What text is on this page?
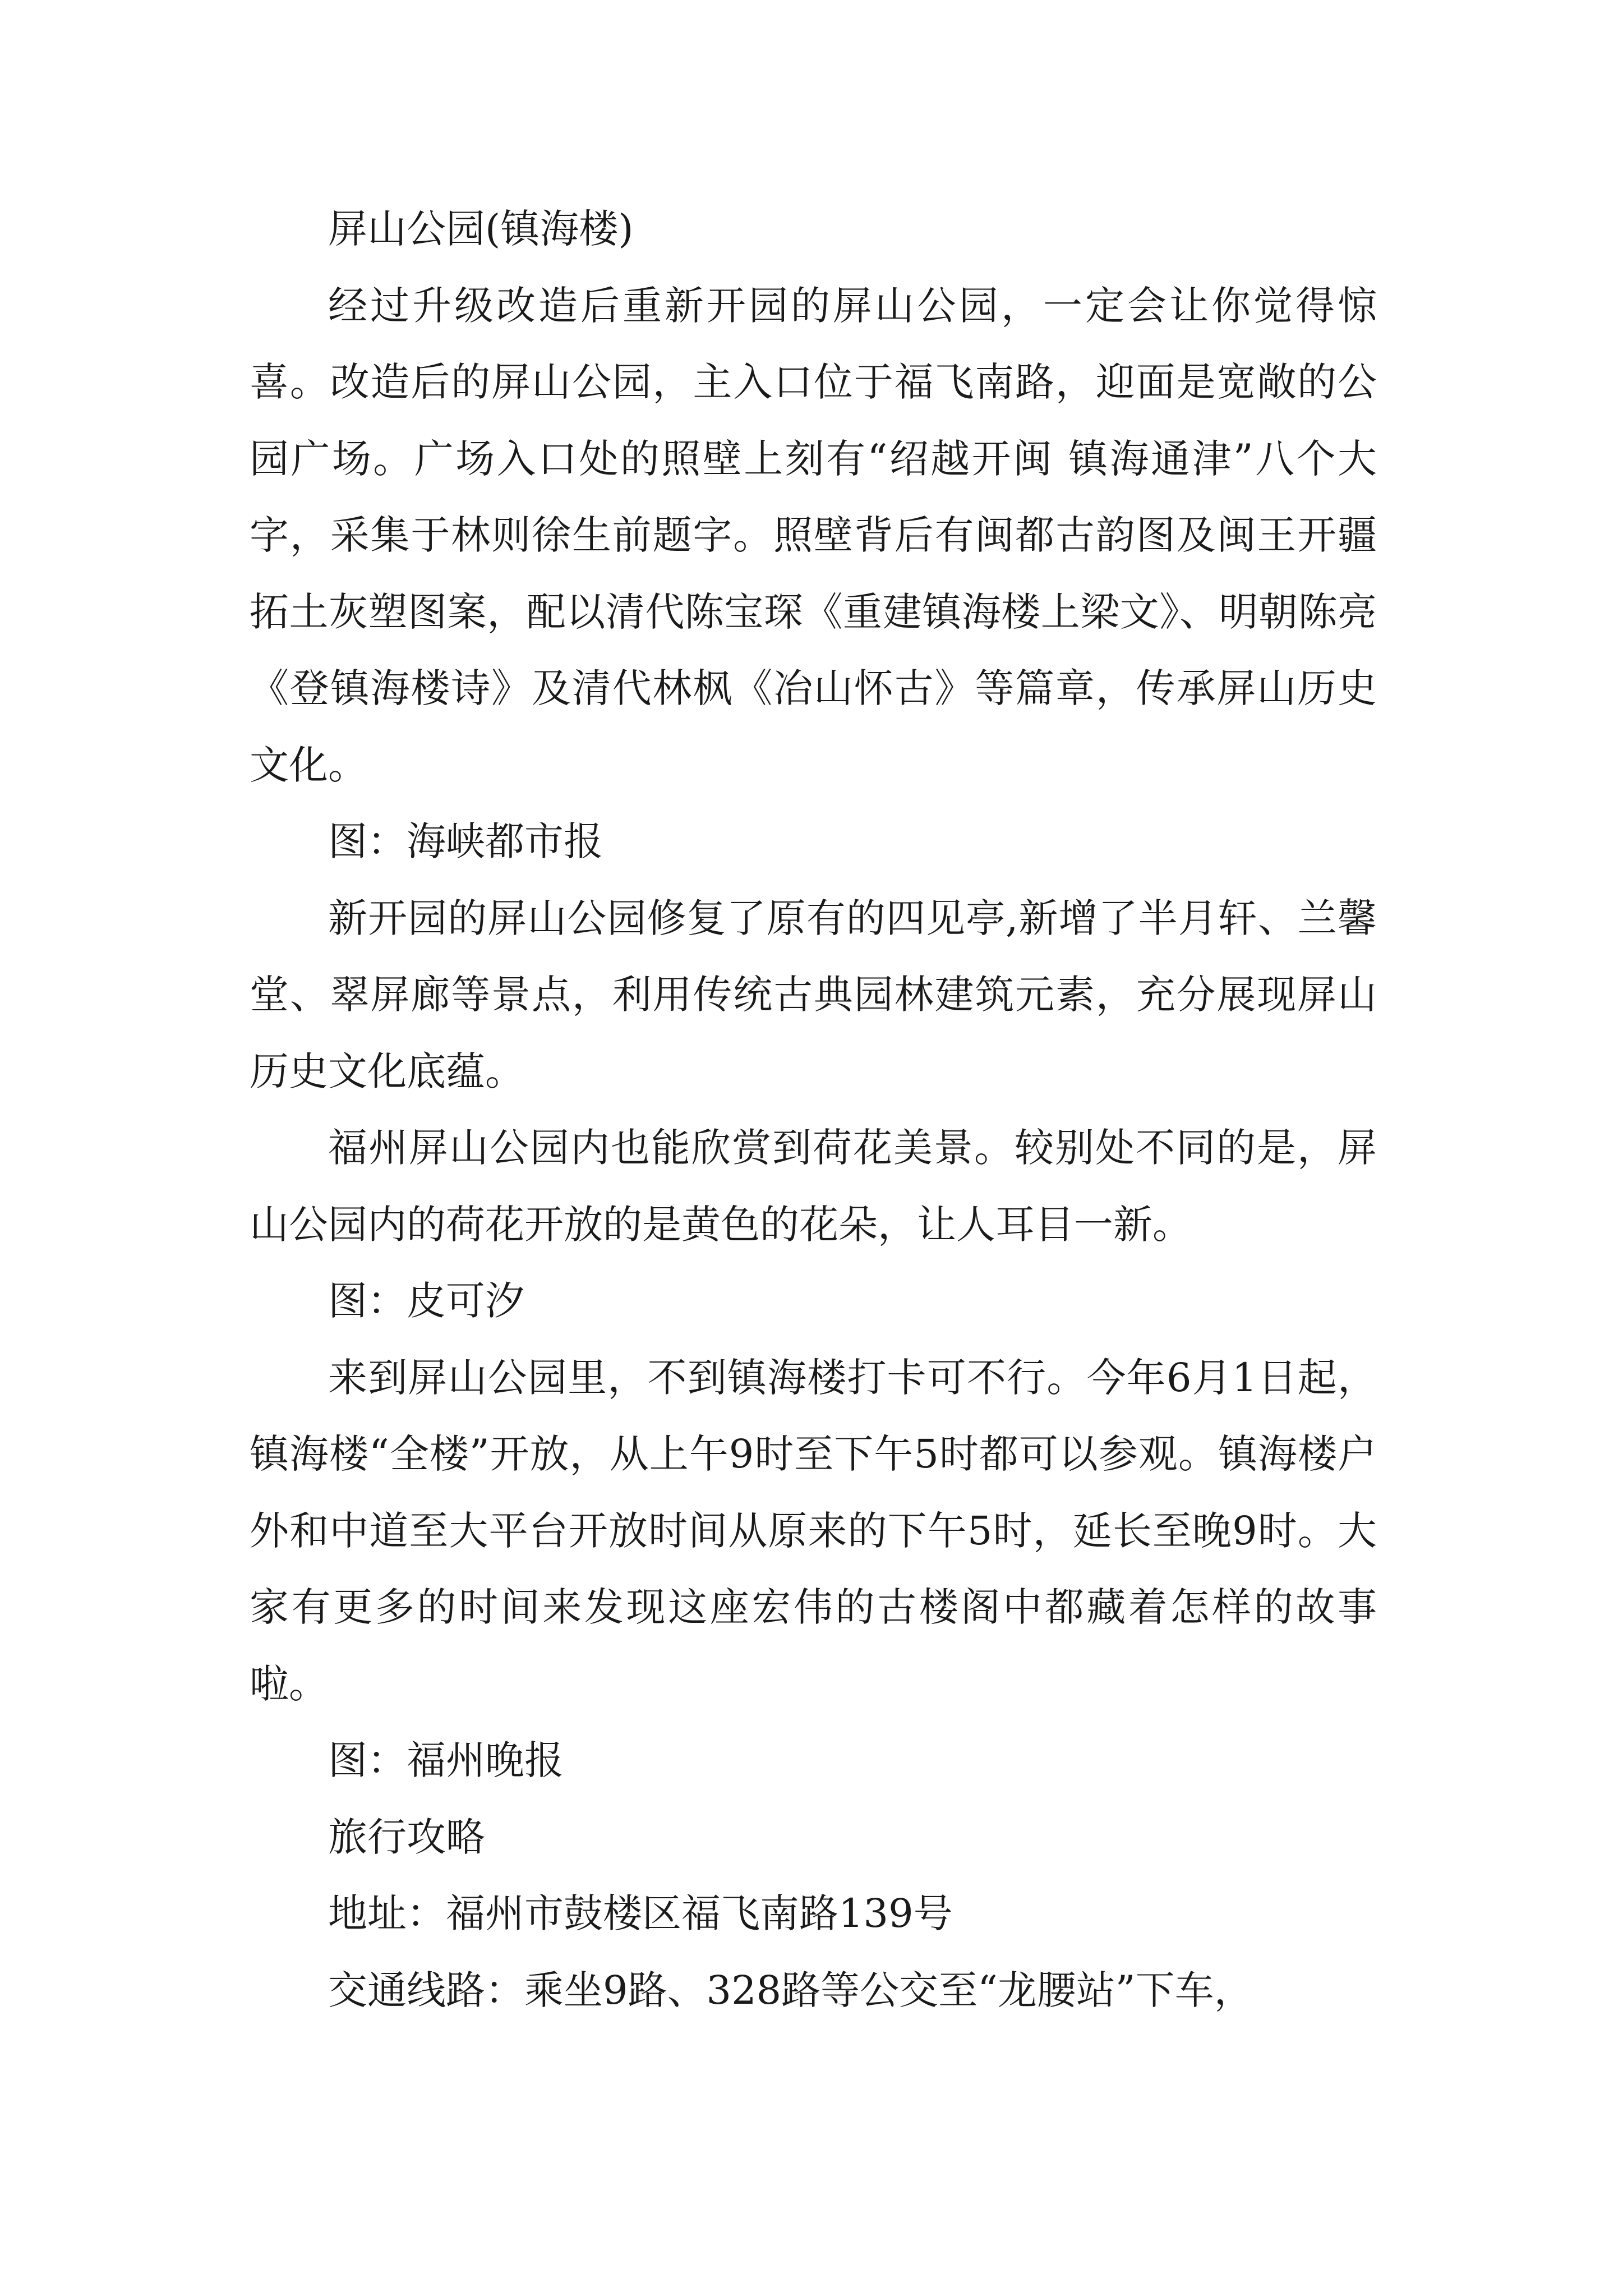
屏山公园(镇海楼)

经过升级改造后重新开园的屏山公园，一定会让你觉得惊喜。改造后的屏山公园，主入口位于福飞南路，迎面是宽敞的公园广场。广场入口处的照壁上刻有“绍越开闽 镇海通津”八个大字，采集于林则徐生前题字。照壁背后有闽都古韵图及闽王开疆拓土灰塑图案，配以清代陈宝琛《重建镇海楼上梁文》、明朝陈亮《登镇海楼诗》及清代林枫《冶山怀古》等篇章，传承屏山历史文化。

图：海峡都市报

新开园的屏山公园修复了原有的四见亭,新增了半月轩、兰馨堂、翠屏廊等景点，利用传统古典园林建筑元素，充分展现屏山历史文化底蕴。

福州屏山公园内也能欣赏到荷花美景。较别处不同的是，屏山公园内的荷花开放的是黄色的花朵，让人耳目一新。

图：皮可汐

来到屏山公园里，不到镇海楼打卡可不行。今年6月1日起，镇海楼“全楼”开放，从上午9时至下午5时都可以参观。镇海楼户外和中道至大平台开放时间从原来的下午5时，延长至晚9时。大家有更多的时间来发现这座宏伟的古楼阁中都藏着怎样的故事啦。

图：福州晚报

旅行攻略

地址：福州市鼓楼区福飞南路139号

交通线路：乘坐9路、328路等公交至“龙腰站”下车，
